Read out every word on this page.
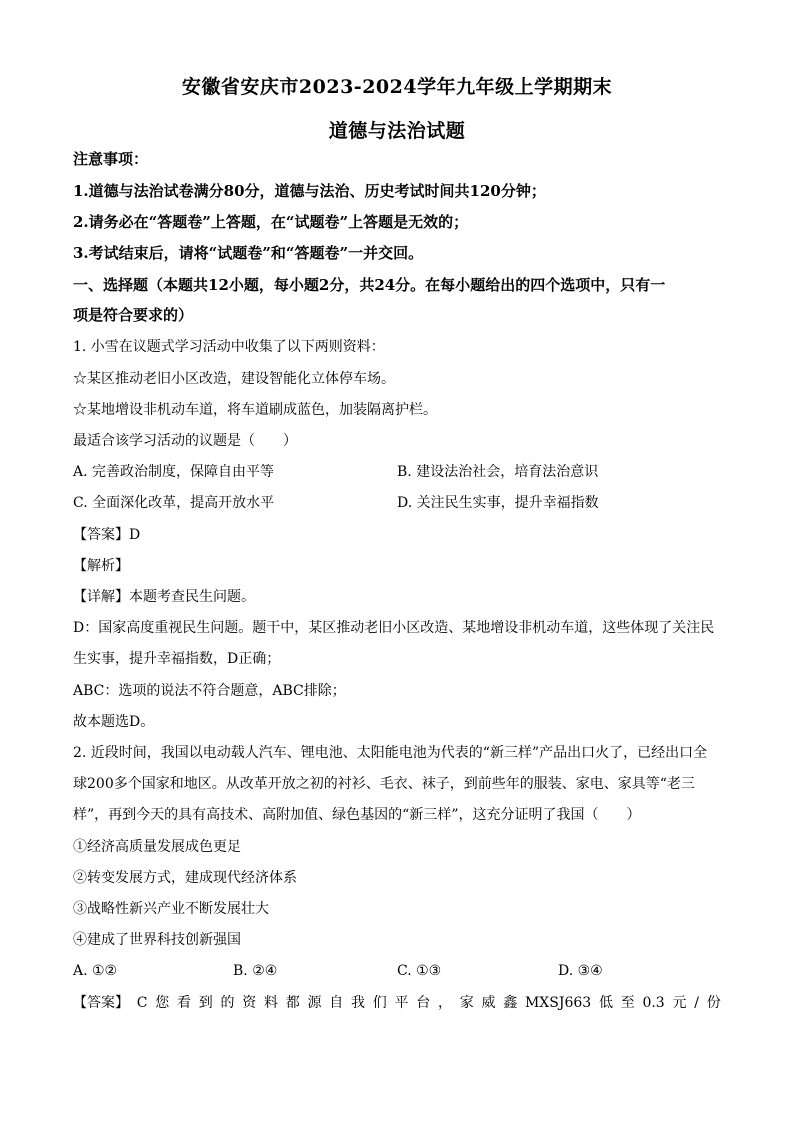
安徽省安庆市2023-2024学年九年级上学期期末
道德与法治试题
注意事项：
1.道德与法治试卷满分80分，道德与法治、历史考试时间共120分钟；
2.请务必在“答题卷”上答题，在“试题卷”上答题是无效的；
3.考试结束后，请将“试题卷”和“答题卷”一并交回。
一、选择题（本题共12小题，每小题2分，共24分。在每小题给出的四个选项中，只有一
项是符合要求的）
1. 小雪在议题式学习活动中收集了以下两则资料：
☆某区推动老旧小区改造，建设智能化立体停车场。
☆某地增设非机动车道，将车道刷成蓝色，加装隔离护栏。
最适合该学习活动的议题是（　　）
A. 完善政治制度，保障自由平等	B. 建设法治社会，培育法治意识
C. 全面深化改革，提高开放水平	D. 关注民生实事，提升幸福指数
【答案】D
【解析】
【详解】本题考查民生问题。
D：国家高度重视民生问题。题干中，某区推动老旧小区改造、某地增设非机动车道，这些体现了关注民
生实事，提升幸福指数，D正确；
ABC：选项的说法不符合题意，ABC排除；
故本题选D。
2. 近段时间，我国以电动载人汽车、锂电池、太阳能电池为代表的“新三样”产品出口火了，已经出口全
球200多个国家和地区。从改革开放之初的衬衫、毛衣、袜子，到前些年的服装、家电、家具等“老三
样”，再到今天的具有高技术、高附加值、绿色基因的“新三样”，这充分证明了我国（　　）
①经济高质量发展成色更足
②转变发展方式，建成现代经济体系
③战略性新兴产业不断发展壮大
④建成了世界科技创新强国
A. ①②	B. ②④	C. ①③	D. ③④
【答案】 C 您 看 到 的 资 料 都 源 自 我 们 平 台 ， 家 威 鑫 MXSJ663 低 至 0.3 元 / 份
